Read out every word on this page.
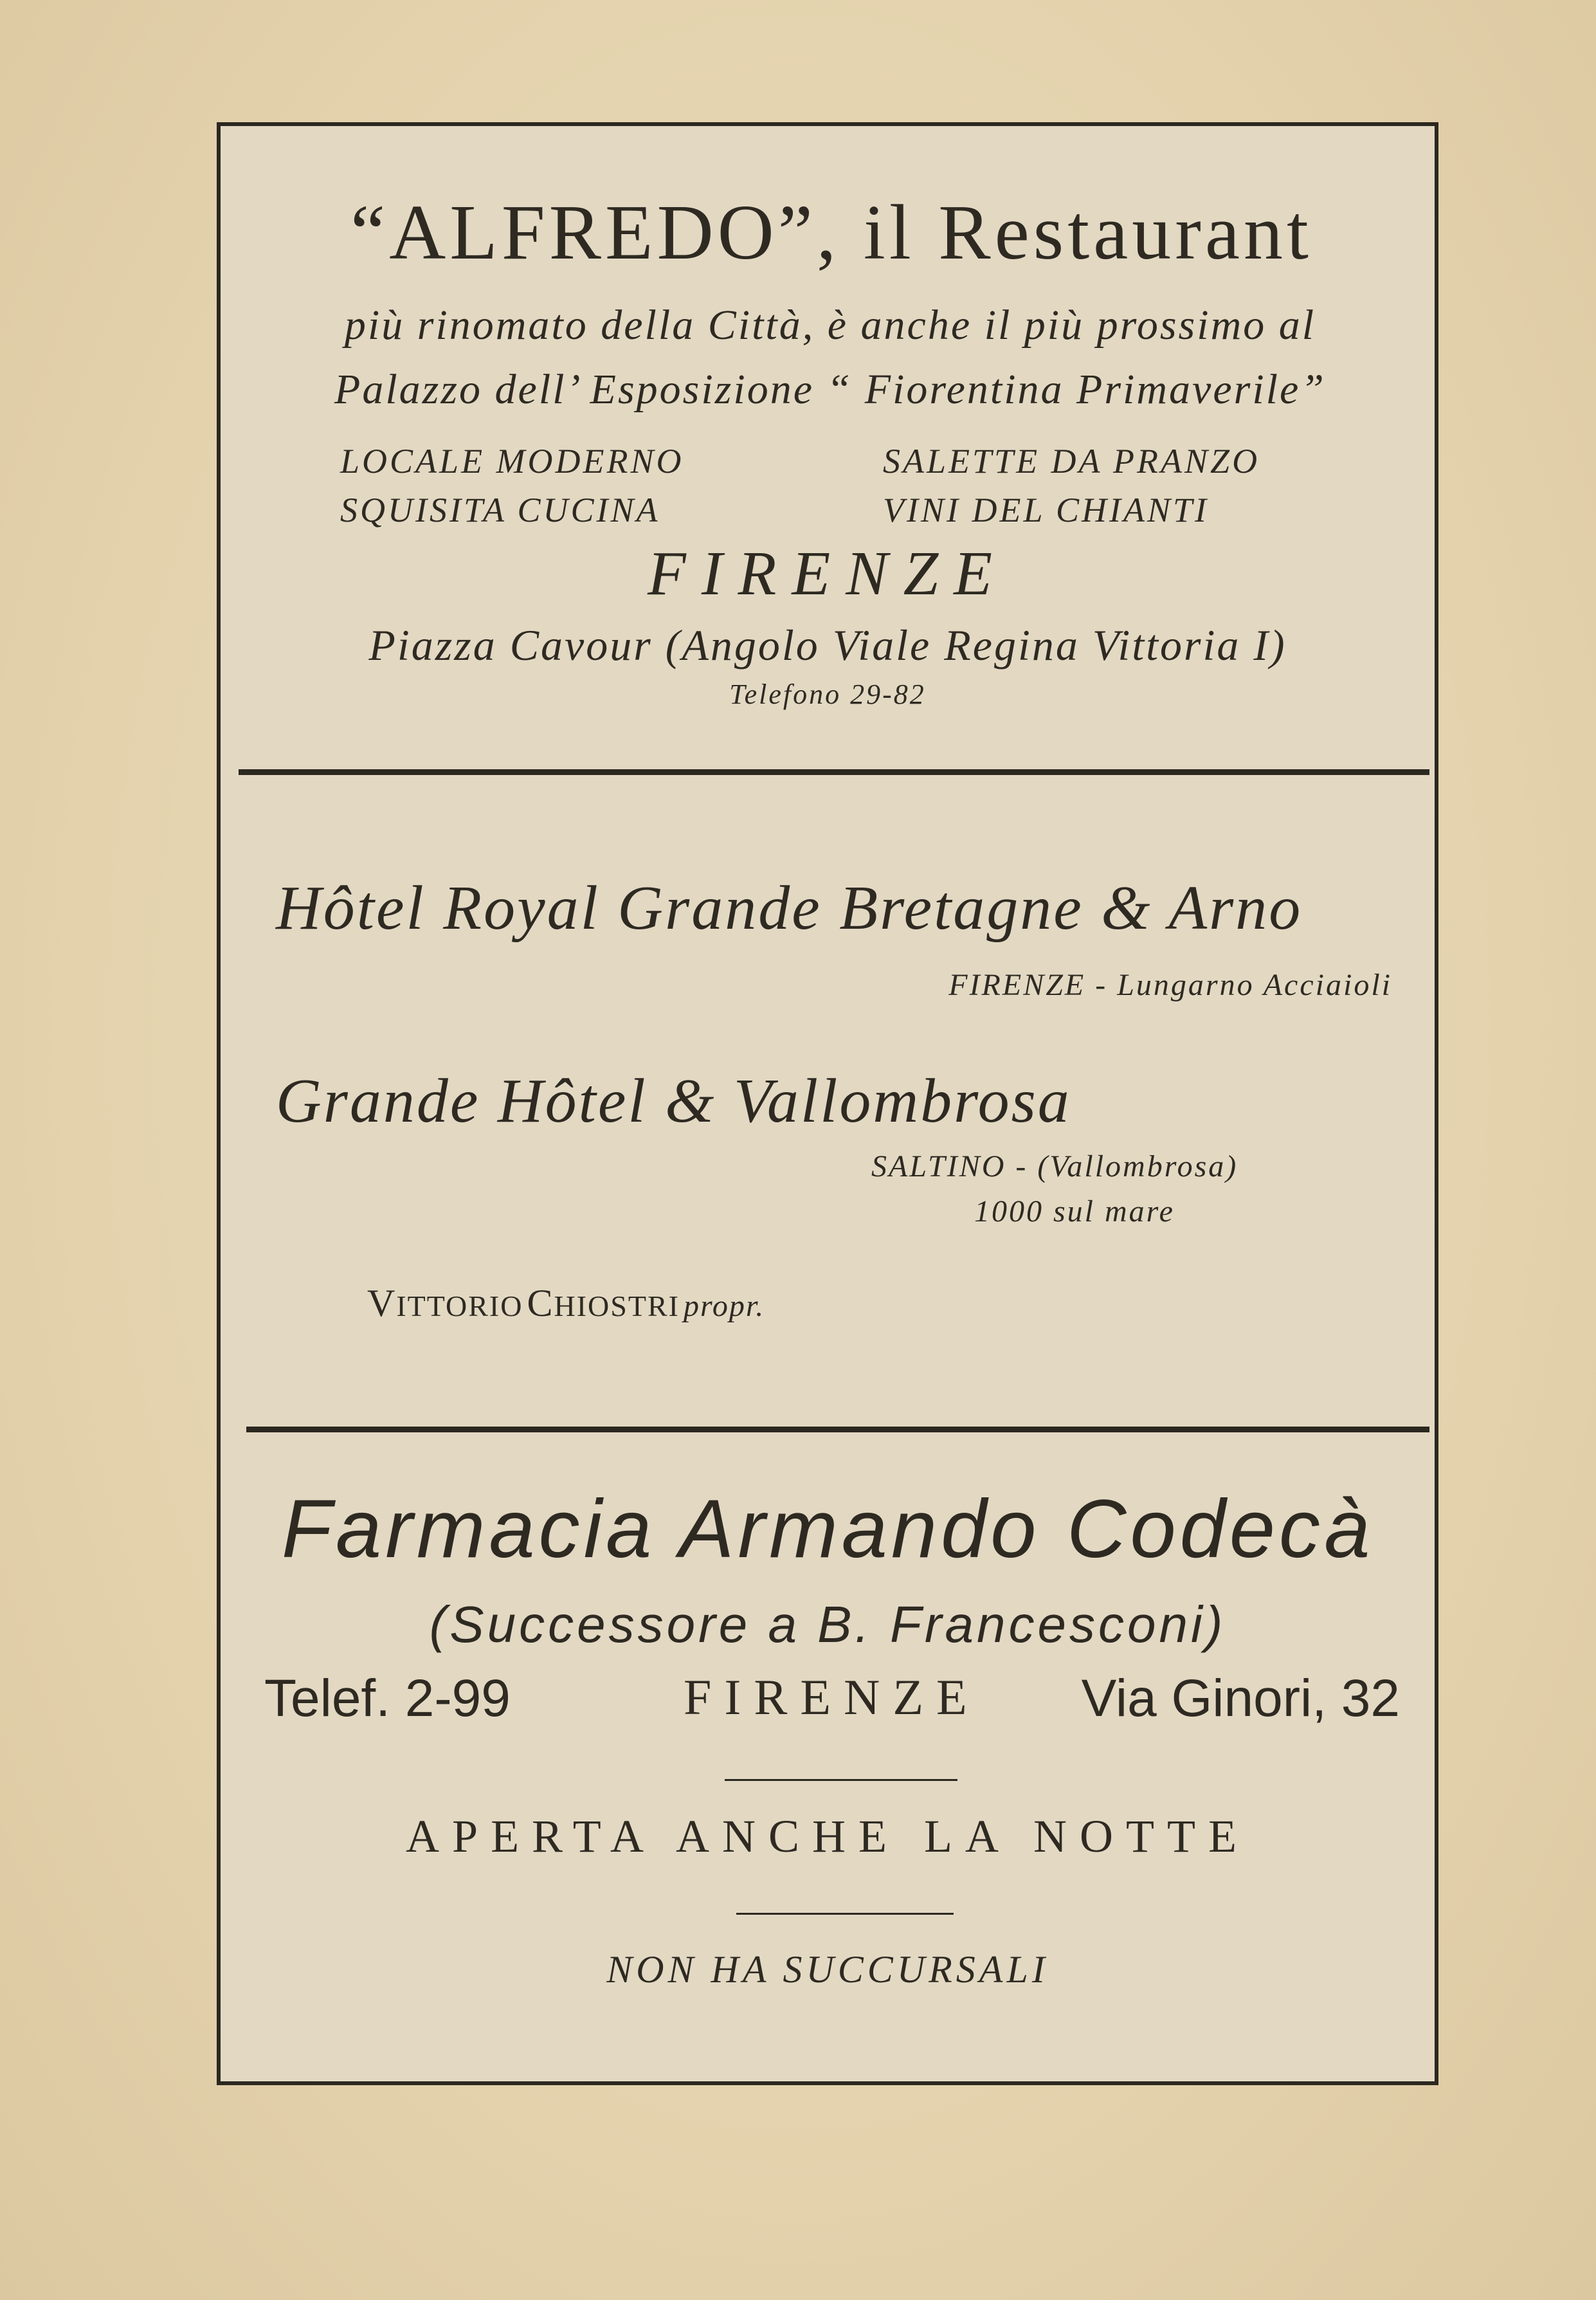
“ALFREDO”, il Restaurant
più rinomato della Città, è anche il più prossimo al
Palazzo dell’ Esposizione “ Fiorentina Primaverile”
LOCALE MODERNO
SQUISITA CUCINA
SALETTE DA PRANZO
VINI DEL CHIANTI
FIRENZE
Piazza Cavour (Angolo Viale Regina Vittoria I)
Telefono 29-82
Hôtel Royal Grande Bretagne & Arno
FIRENZE - Lungarno Acciaioli
Grande Hôtel & Vallombrosa
SALTINO - (Vallombrosa)
1000 sul mare
VITTORIO CHIOSTRI propr.
Farmacia Armando Codecà
(Successore a B. Francesconi)
Telef. 2-99	FIRENZE Via Ginori, 32
APERTA ANCHE LA NOTTE
NON HA SUCCURSALI
